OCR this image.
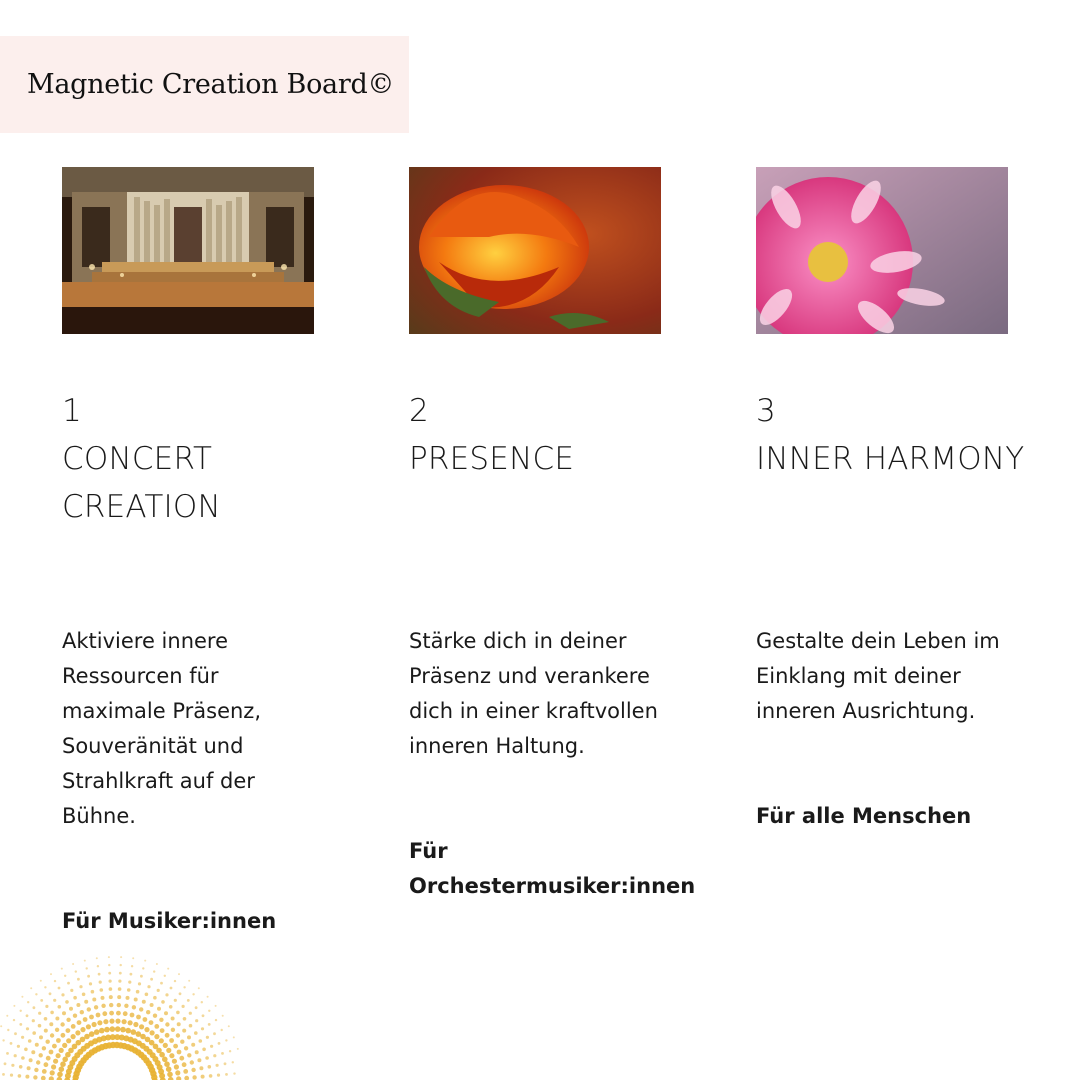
Magnetic Creation Board©
1
CONCERT
CREATION

Aktiviere innere
Ressourcen für
maximale Präsenz,
Souveränität und
Strahlkraft auf der
Bühne.

Für Musiker:innen

2
PRESENCE

Stärke dich in deiner
Präsenz und verankere
dich in einer kraftvollen
inneren Haltung.

Für
Orchestermusiker:innen

3
INNER HARMONY

Gestalte dein Leben im
Einklang mit deiner
inneren Ausrichtung.

Für alle Menschen
